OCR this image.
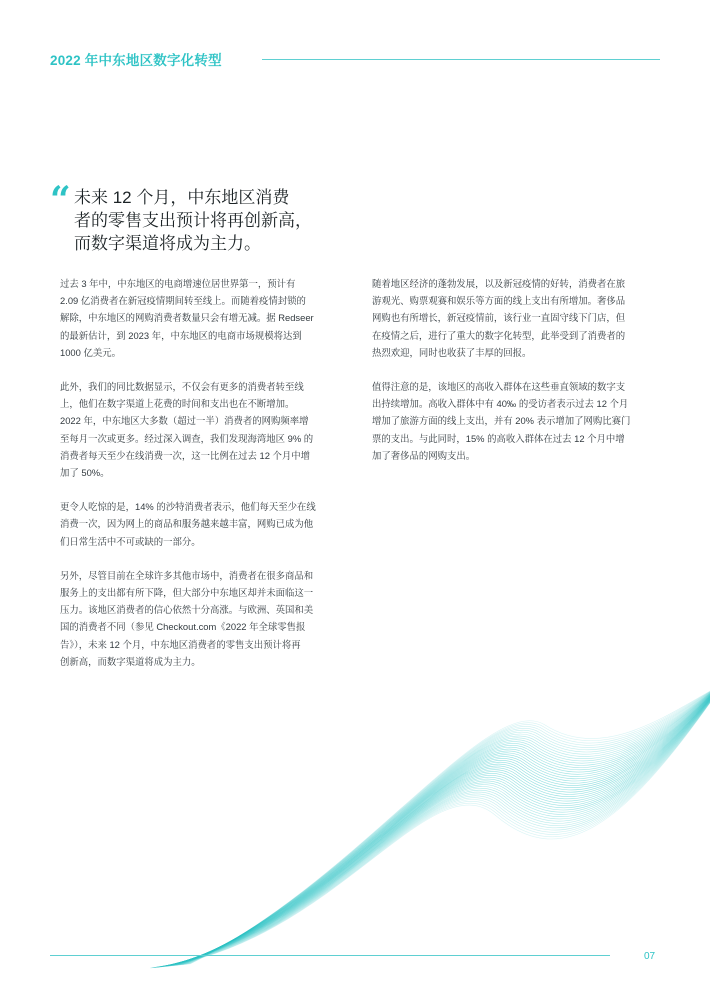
2022 年中东地区数字化转型
“ 未来 12 个月，中东地区消费
者的零售支出预计将再创新高，
而数字渠道将成为主力。
过去 3 年中，中东地区的电商增速位居世界第一，预计有
2.09 亿消费者在新冠疫情期间转至线上。而随着疫情封锁的
解除，中东地区的网购消费者数量只会有增无减。据 Redseer
的最新估计，到 2023 年，中东地区的电商市场规模将达到
1000 亿美元。
此外，我们的同比数据显示，不仅会有更多的消费者转至线
上，他们在数字渠道上花费的时间和支出也在不断增加。
2022 年，中东地区大多数（超过一半）消费者的网购频率增
至每月一次或更多。经过深入调查，我们发现海湾地区 9% 的
消费者每天至少在线消费一次，这一比例在过去 12 个月中增
加了 50%。
更令人吃惊的是，14% 的沙特消费者表示，他们每天至少在线
消费一次，因为网上的商品和服务越来越丰富，网购已成为他
们日常生活中不可或缺的一部分。
另外，尽管目前在全球许多其他市场中，消费者在很多商品和
服务上的支出都有所下降，但大部分中东地区却并未面临这一
压力。该地区消费者的信心依然十分高涨。与欧洲、英国和美
国的消费者不同（参见 Checkout.com《2022 年全球零售报
告》），未来 12 个月，中东地区消费者的零售支出预计将再
创新高，而数字渠道将成为主力。
随着地区经济的蓬勃发展，以及新冠疫情的好转，消费者在旅
游观光、购票观赛和娱乐等方面的线上支出有所增加。奢侈品
网购也有所增长，新冠疫情前，该行业一直固守线下门店，但
在疫情之后，进行了重大的数字化转型，此举受到了消费者的
热烈欢迎，同时也收获了丰厚的回报。
值得注意的是，该地区的高收入群体在这些垂直领域的数字支
出持续增加。高收入群体中有 40‰ 的受访者表示过去 12 个月
增加了旅游方面的线上支出，并有 20% 表示增加了网购比赛门
票的支出。与此同时，15% 的高收入群体在过去 12 个月中增
加了奢侈品的网购支出。
07
